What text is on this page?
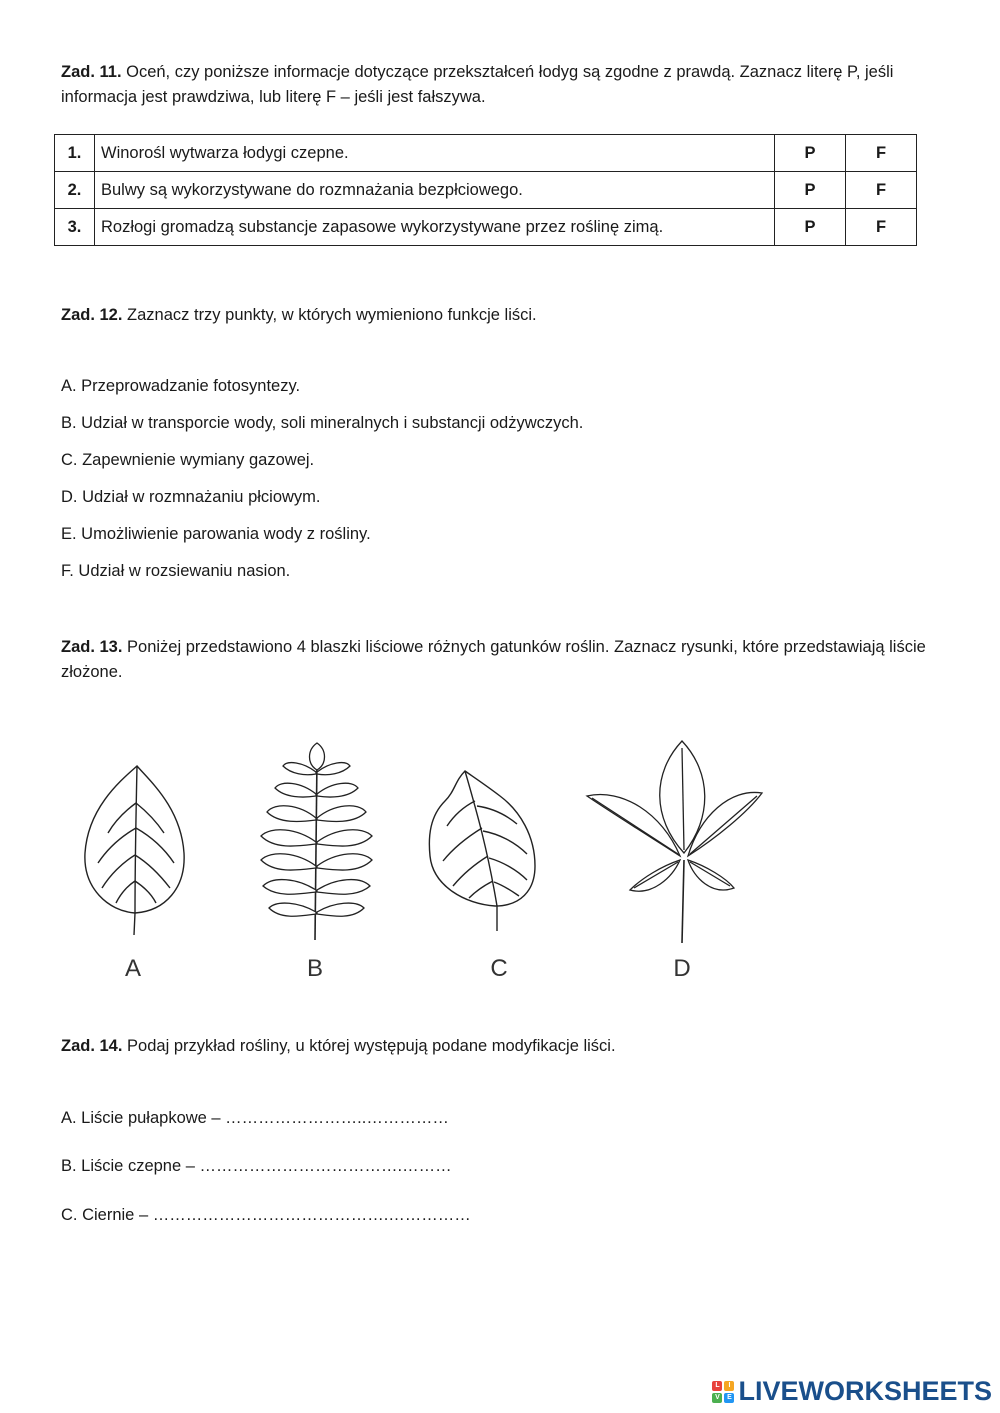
Zad. 11. Oceń, czy poniższe informacje dotyczące przekształceń łodyg są zgodne z prawdą. Zaznacz literę P, jeśli informacja jest prawdziwa, lub literę F – jeśli jest fałszywa.
1.	Winorośl wytwarza łodygi czepne.	P	F
2.	Bulwy są wykorzystywane do rozmnażania bezpłciowego.	P	F
3.	Rozłogi gromadzą substancje zapasowe wykorzystywane przez roślinę zimą.	P	F
Zad. 12. Zaznacz trzy punkty, w których wymieniono funkcje liści.
A. Przeprowadzanie fotosyntezy.
B. Udział w transporcie wody, soli mineralnych i substancji odżywczych.
C. Zapewnienie wymiany gazowej.
D. Udział w rozmnażaniu płciowym.
E. Umożliwienie parowania wody z rośliny.
F. Udział w rozsiewaniu nasion.
Zad. 13. Poniżej przedstawiono 4 blaszki liściowe różnych gatunków roślin. Zaznacz rysunki, które przedstawiają liście złożone.
A	B	C	D
Zad. 14. Podaj przykład rośliny, u której występują podane modyfikacje liści.
A. Liście pułapkowe – ……………………..……………
B. Liście czepne – ……………………………….………
C. Ciernie – …………………………………….……………
L	I
V	E LIVEWORKSHEETS
